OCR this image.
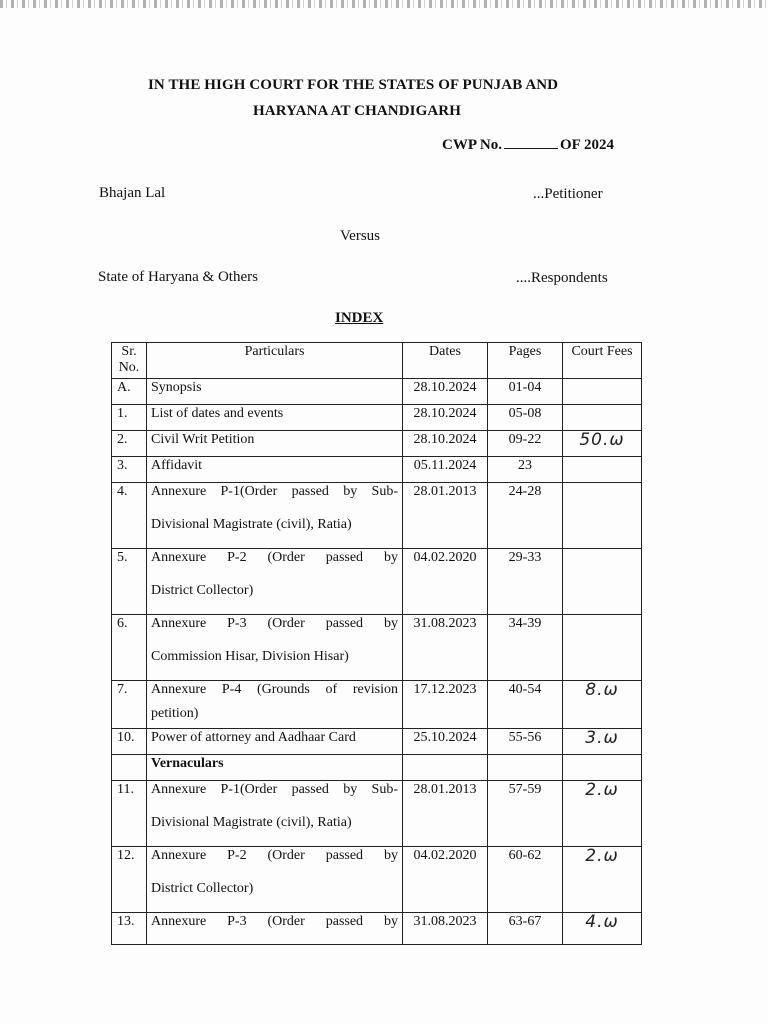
IN THE HIGH COURT FOR THE STATES OF PUNJAB AND
HARYANA AT CHANDIGARH
CWP No.	OF 2024
Bhajan Lal	...Petitioner
Versus
State of Haryana & Others	....Respondents
INDEX
Sr. No.	Particulars	Dates	Pages	Court Fees
A.	Synopsis	28.10.2024	01-04	
1.	List of dates and events	28.10.2024	05-08	
2.	Civil Writ Petition	28.10.2024	09-22	50.ω
3.	Affidavit	05.11.2024	23	
4.	Annexure P-1(Order passed by Sub-
Divisional Magistrate (civil), Ratia)	28.01.2013	24-28	
5.	Annexure P-2 (Order passed by
District Collector)	04.02.2020	29-33	
6.	Annexure P-3 (Order passed by
Commission Hisar, Division Hisar)	31.08.2023	34-39	
7.	Annexure P-4 (Grounds of revision
petition)	17.12.2023	40-54	8.ω
10.	Power of attorney and Aadhaar Card	25.10.2024	55-56	3.ω
	Vernaculars			
11.	Annexure P-1(Order passed by Sub-
Divisional Magistrate (civil), Ratia)	28.01.2013	57-59	2.ω
12.	Annexure P-2 (Order passed by
District Collector)	04.02.2020	60-62	2.ω
13.	Annexure P-3 (Order passed by	31.08.2023	63-67	4.ω
